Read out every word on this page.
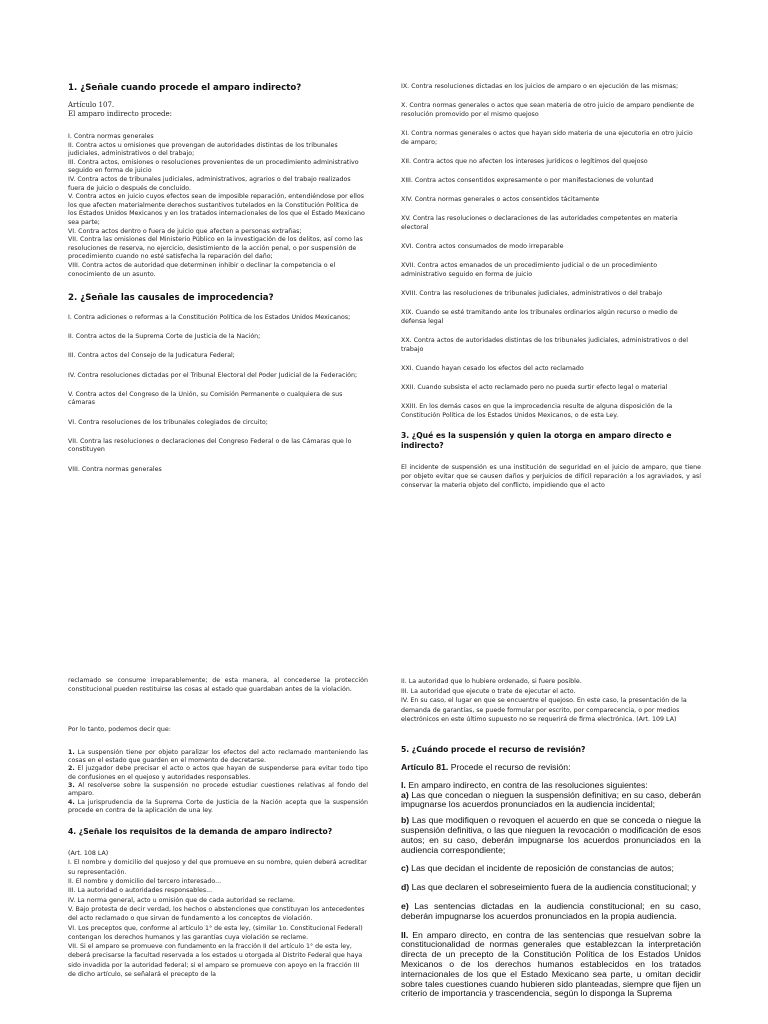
1. ¿Señale cuando procede el amparo indirecto?
Artículo 107.
El amparo indirecto procede:
I. Contra normas generales
II. Contra actos u omisiones que provengan de autoridades distintas de los tribunales judiciales, administrativos o del trabajo;
III. Contra actos, omisiones o resoluciones provenientes de un procedimiento administrativo seguido en forma de juicio
IV. Contra actos de tribunales judiciales, administrativos, agrarios o del trabajo realizados fuera de juicio o después de concluido.
V. Contra actos en juicio cuyos efectos sean de imposible reparación, entendiéndose por ellos los que afecten materialmente derechos sustantivos tutelados en la Constitución Política de los Estados Unidos Mexicanos y en los tratados internacionales de los que el Estado Mexicano sea parte;
VI. Contra actos dentro o fuera de juicio que afecten a personas extrañas;
VII. Contra las omisiones del Ministerio Público en la investigación de los delitos, así como las resoluciones de reserva, no ejercicio, desistimiento de la acción penal, o por suspensión de procedimiento cuando no esté satisfecha la reparación del daño;
VIII. Contra actos de autoridad que determinen inhibir o declinar la competencia o el conocimiento de un asunto.
2. ¿Señale las causales de improcedencia?
I. Contra adiciones o reformas a la Constitución Política de los Estados Unidos Mexicanos;
II. Contra actos de la Suprema Corte de Justicia de la Nación;
III. Contra actos del Consejo de la Judicatura Federal;
IV. Contra resoluciones dictadas por el Tribunal Electoral del Poder Judicial de la Federación;
V. Contra actos del Congreso de la Unión, su Comisión Permanente o cualquiera de sus cámaras
VI. Contra resoluciones de los tribunales colegiados de circuito;
VII. Contra las resoluciones o declaraciones del Congreso Federal o de las Cámaras que lo constituyen
VIII. Contra normas generales
IX. Contra resoluciones dictadas en los juicios de amparo o en ejecución de las mismas;
X. Contra normas generales o actos que sean materia de otro juicio de amparo pendiente de resolución promovido por el mismo quejoso
XI. Contra normas generales o actos que hayan sido materia de una ejecutoria en otro juicio de amparo;
XII. Contra actos que no afecten los intereses jurídicos o legítimos del quejoso
XIII. Contra actos consentidos expresamente o por manifestaciones de voluntad
XIV. Contra normas generales o actos consentidos tácitamente
XV. Contra las resoluciones o declaraciones de las autoridades competentes en materia electoral
XVI. Contra actos consumados de modo irreparable
XVII. Contra actos emanados de un procedimiento judicial o de un procedimiento administrativo seguido en forma de juicio
XVIII. Contra las resoluciones de tribunales judiciales, administrativos o del trabajo
XIX. Cuando se esté tramitando ante los tribunales ordinarios algún recurso o medio de defensa legal
XX. Contra actos de autoridades distintas de los tribunales judiciales, administrativos o del trabajo
XXI. Cuando hayan cesado los efectos del acto reclamado
XXII. Cuando subsista el acto reclamado pero no pueda surtir efecto legal o material
XXIII. En los demás casos en que la improcedencia resulte de alguna disposición de la Constitución Política de los Estados Unidos Mexicanos, o de esta Ley.
3. ¿Qué es la suspensión y quien la otorga en amparo directo e indirecto?
El incidente de suspensión es una institución de seguridad en el juicio de amparo, que tiene por objeto evitar que se causen daños y perjuicios de difícil reparación a los agraviados, y así conservar la materia objeto del conflicto, impidiendo que el acto
reclamado se consume irreparablemente; de esta manera, al concederse la protección constitucional pueden restituirse las cosas al estado que guardaban antes de la violación.
Por lo tanto, podemos decir que:
1. La suspensión tiene por objeto paralizar los efectos del acto reclamado manteniendo las cosas en el estado que guarden en el momento de decretarse.
2. El juzgador debe precisar el acto o actos que hayan de suspenderse para evitar todo tipo de confusiones en el quejoso y autoridades responsables.
3. Al resolverse sobre la suspensión no procede estudiar cuestiones relativas al fondo del amparo.
4. La jurisprudencia de la Suprema Corte de Justicia de la Nación acepta que la suspensión procede en contra de la aplicación de una ley.
4. ¿Señale los requisitos de la demanda de amparo indirecto?
(Art. 108 LA)
I. El nombre y domicilio del quejoso y del que promueve en su nombre, quien deberá acreditar su representación.
II. El nombre y domicilio del tercero interesado...
III. La autoridad o autoridades responsables...
IV. La norma general, acto u omisión que de cada autoridad se reclame.
V. Bajo protesta de decir verdad, los hechos o abstenciones que constituyan los antecedentes del acto reclamado o que sirvan de fundamento a los conceptos de violación.
VI. Los preceptos que, conforme al artículo 1° de esta ley, (similar 1o. Constitucional Federal) contengan los derechos humanos y las garantías cuya violación se reclame.
VII. Si el amparo se promueve con fundamento en la fracción II del artículo 1° de esta ley, deberá precisarse la facultad reservada a los estados u otorgada al Distrito Federal que haya sido invadida por la autoridad federal; si el amparo se promueve con apoyo en la fracción III de dicho artículo, se señalará el precepto de la
II. La autoridad que lo hubiere ordenado, si fuere posible.
III. La autoridad que ejecute o trate de ejecutar el acto.
IV. En su caso, el lugar en que se encuentre el quejoso. En este caso, la presentación de la demanda de garantías, se puede formular por escrito, por comparecencia, o por medios electrónicos en este último supuesto no se requerirá de firma electrónica. (Art. 109 LA)
5. ¿Cuándo procede el recurso de revisión?
Artículo 81. Procede el recurso de revisión:
I. En amparo indirecto, en contra de las resoluciones siguientes:
a) Las que concedan o nieguen la suspensión definitiva; en su caso, deberán impugnarse los acuerdos pronunciados en la audiencia incidental;
b) Las que modifiquen o revoquen el acuerdo en que se conceda o niegue la suspensión definitiva, o las que nieguen la revocación o modificación de esos autos; en su caso, deberán impugnarse los acuerdos pronunciados en la audiencia correspondiente;
c) Las que decidan el incidente de reposición de constancias de autos;
d) Las que declaren el sobreseimiento fuera de la audiencia constitucional; y
e) Las sentencias dictadas en la audiencia constitucional; en su caso, deberán impugnarse los acuerdos pronunciados en la propia audiencia.
II. En amparo directo, en contra de las sentencias que resuelvan sobre la constitucionalidad de normas generales que establezcan la interpretación directa de un precepto de la Constitución Política de los Estados Unidos Mexicanos o de los derechos humanos establecidos en los tratados internacionales de los que el Estado Mexicano sea parte, u omitan decidir sobre tales cuestiones cuando hubieren sido planteadas, siempre que fijen un criterio de importancia y trascendencia, según lo disponga la Suprema
